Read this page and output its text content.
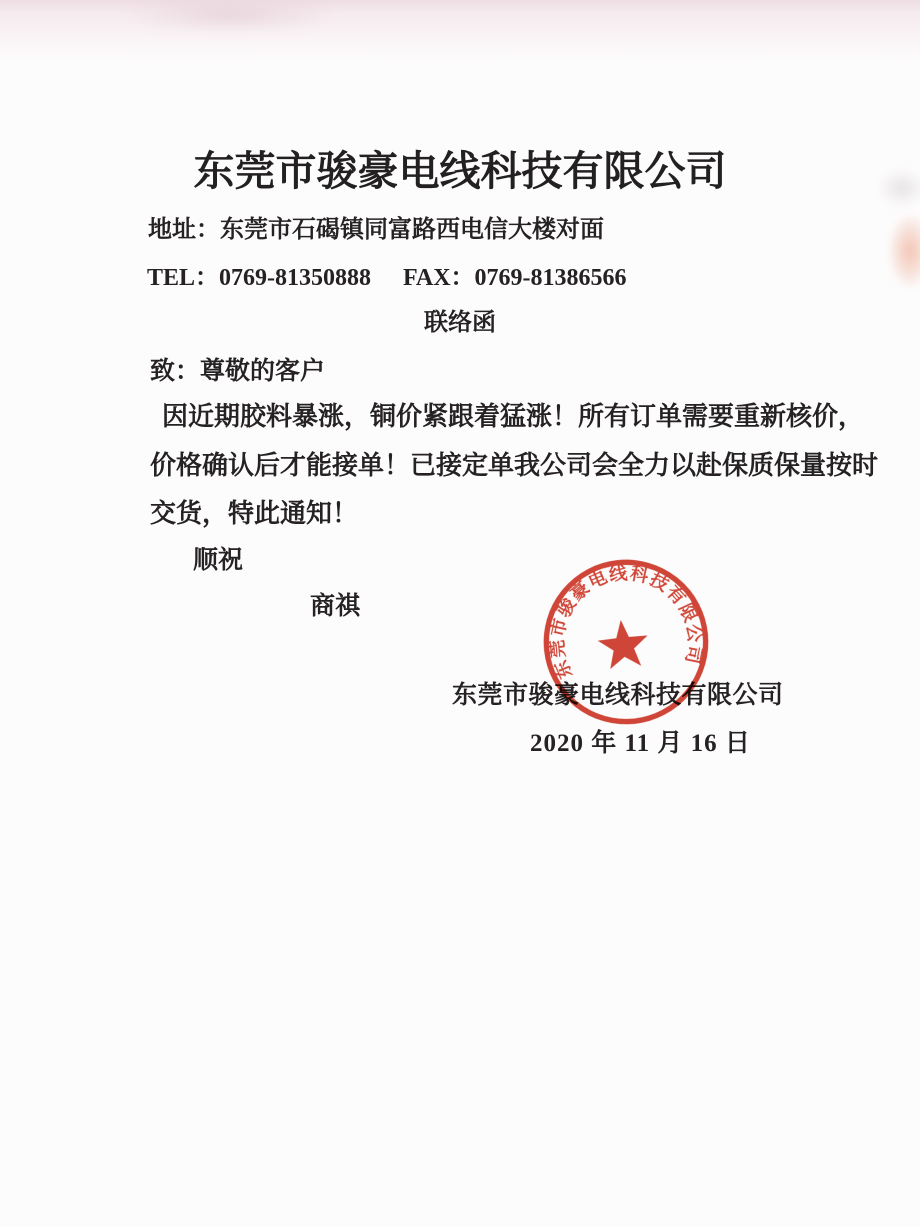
东莞市骏豪电线科技有限公司
地址：东莞市石碣镇同富路西电信大楼对面
TEL：0769-81350888 FAX：0769-81386566
联络函
致：尊敬的客户
因近期胶料暴涨，铜价紧跟着猛涨！所有订单需要重新核价，
价格确认后才能接单！已接定单我公司会全力以赴保质保量按时
交货，特此通知！
顺祝
商祺
东莞市骏豪电线科技有限公司
2020 年 11 月 16 日
东莞市骏豪电线科技有限公司
